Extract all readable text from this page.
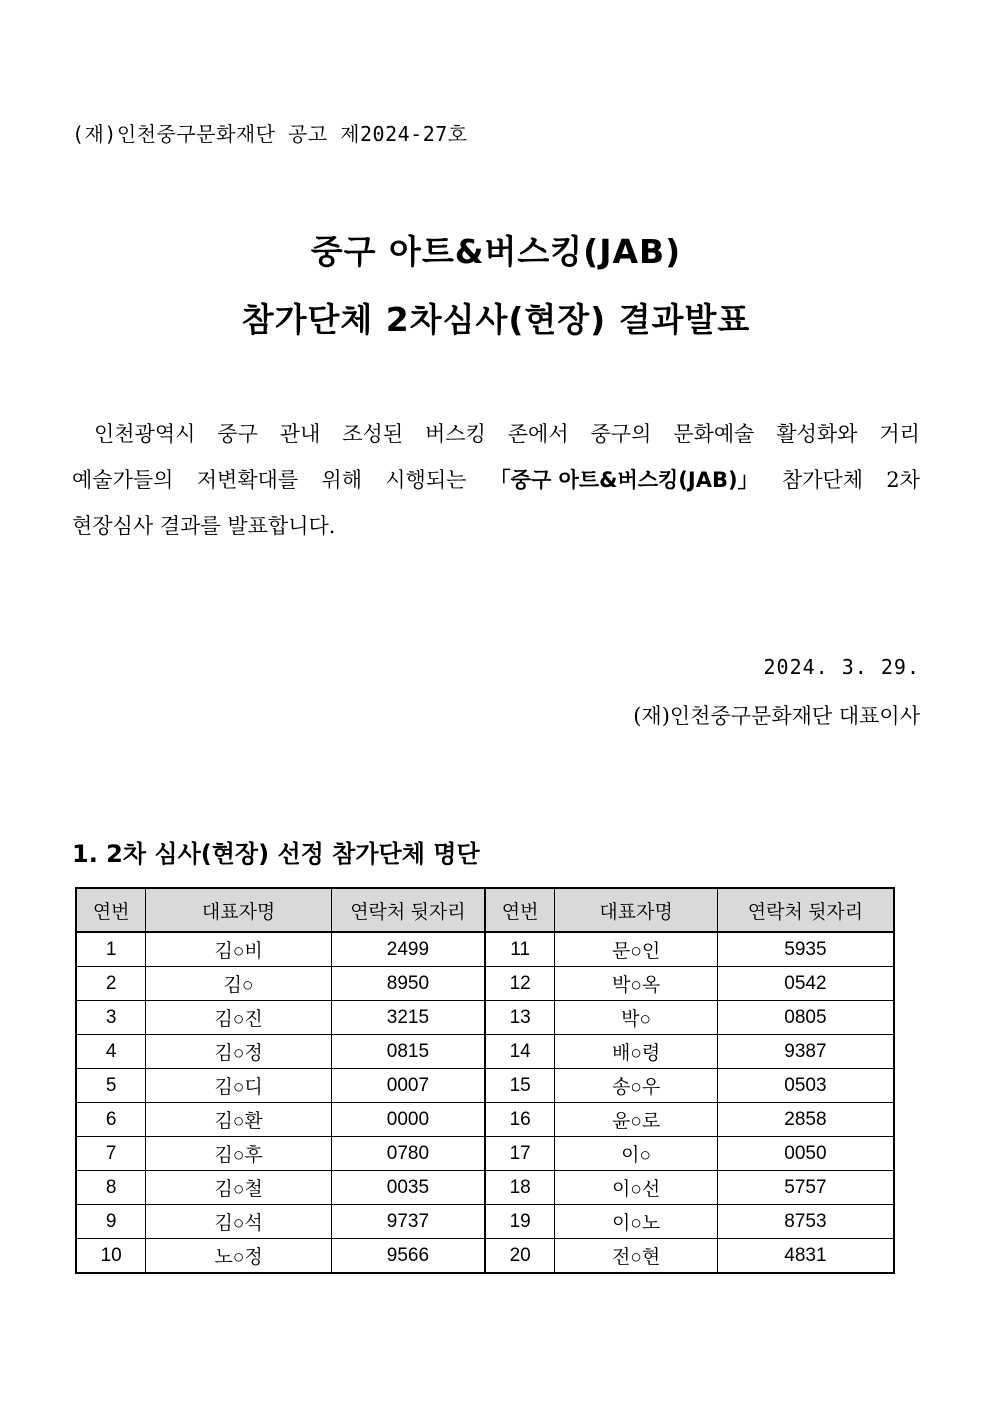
(재)인천중구문화재단 공고 제2024-27호
중구 아트&버스킹(JAB)
참가단체 2차심사(현장) 결과발표
인천광역시 중구 관내 조성된 버스킹 존에서 중구의 문화예술 활성화와 거리
예술가들의 저변확대를 위해 시행되는 「중구 아트&버스킹(JAB)」 참가단체 2차
현장심사 결과를 발표합니다.
2024. 3. 29.
(재)인천중구문화재단 대표이사
1. 2차 심사(현장) 선정 참가단체 명단
연번	대표자명	연락처 뒷자리	연번	대표자명	연락처 뒷자리
1	김○비	2499	11	문○인	5935
2	김○	8950	12	박○옥	0542
3	김○진	3215	13	박○	0805
4	김○정	0815	14	배○령	9387
5	김○디	0007	15	송○우	0503
6	김○환	0000	16	윤○로	2858
7	김○후	0780	17	이○	0050
8	김○철	0035	18	이○선	5757
9	김○석	9737	19	이○노	8753
10	노○정	9566	20	전○현	4831
